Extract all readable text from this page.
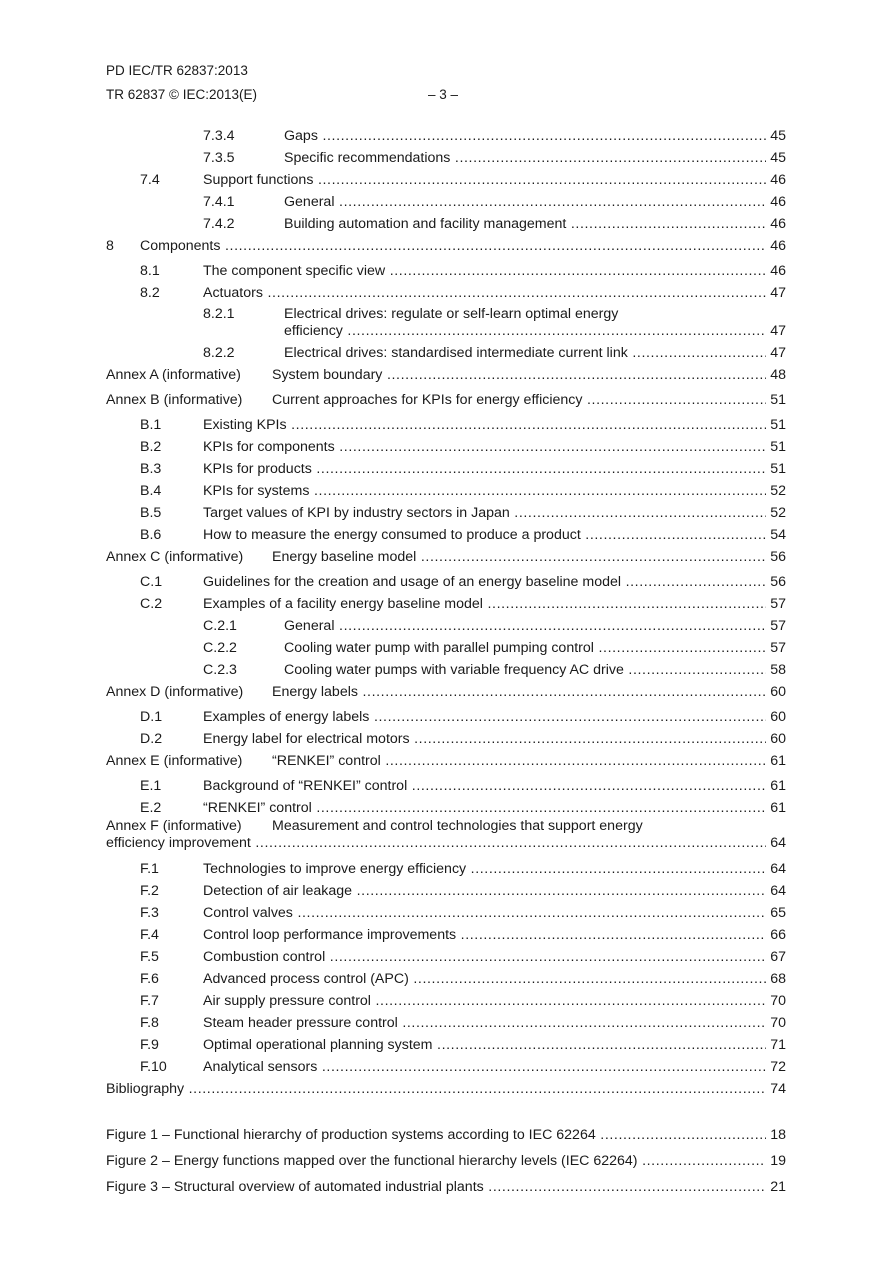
PD IEC/TR 62837:2013
TR 62837 © IEC:2013(E)	– 3 –
7.3.4	Gaps .....	45
7.3.5	Specific recommendations .....	45
7.4	Support functions .....	46
7.4.1	General .....	46
7.4.2	Building automation and facility management .....	46
8 Components .....	46
8.1	The component specific view .....	46
8.2	Actuators .....	47
8.2.1	Electrical drives: regulate or self-learn optimal energy
efficiency .....	47
8.2.2	Electrical drives: standardised intermediate current link .....	47
Annex A (informative) System boundary .....	48
Annex B (informative) Current approaches for KPIs for energy efficiency .....	51
B.1	Existing KPIs .....	51
B.2	KPIs for components .....	51
B.3	KPIs for products .....	51
B.4	KPIs for systems .....	52
B.5	Target values of KPI by industry sectors in Japan .....	52
B.6	How to measure the energy consumed to produce a product .....	54
Annex C (informative) Energy baseline model .....	56
C.1	Guidelines for the creation and usage of an energy baseline model .....	56
C.2	Examples of a facility energy baseline model .....	57
C.2.1	General .....	57
C.2.2	Cooling water pump with parallel pumping control .....	57
C.2.3	Cooling water pumps with variable frequency AC drive .....	58
Annex D (informative) Energy labels .....	60
D.1	Examples of energy labels .....	60
D.2	Energy label for electrical motors .....	60
Annex E (informative) “RENKEI” control .....	61
E.1	Background of “RENKEI” control .....	61
E.2	“RENKEI” control .....	61
Annex F (informative) Measurement and control technologies that support energy
efficiency improvement .....	64
F.1	Technologies to improve energy efficiency .....	64
F.2	Detection of air leakage .....	64
F.3	Control valves .....	65
F.4	Control loop performance improvements .....	66
F.5	Combustion control .....	67
F.6	Advanced process control (APC) .....	68
F.7	Air supply pressure control .....	70
F.8	Steam header pressure control .....	70
F.9	Optimal operational planning system .....	71
F.10	Analytical sensors .....	72
Bibliography .....	74
Figure 1 – Functional hierarchy of production systems according to IEC 62264 .....	18
Figure 2 – Energy functions mapped over the functional hierarchy levels (IEC 62264) .....	19
Figure 3 – Structural overview of automated industrial plants .....	21
